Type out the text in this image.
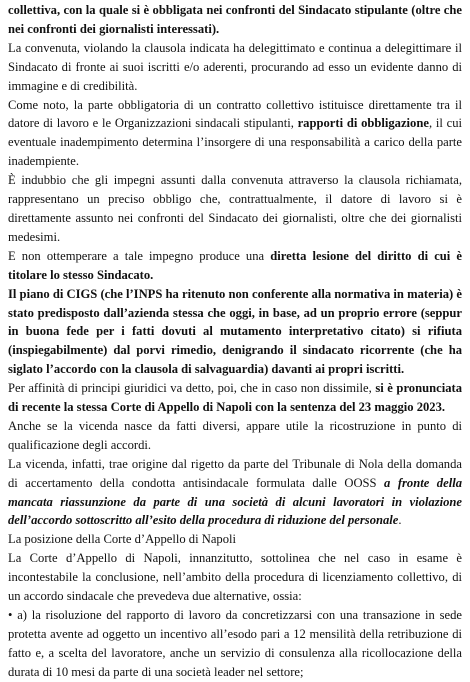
collettiva, con la quale si è obbligata nei confronti del Sindacato stipulante (oltre che nei confronti dei giornalisti interessati).

La convenuta, violando la clausola indicata ha delegittimato e continua a delegittimare il Sindacato di fronte ai suoi iscritti e/o aderenti, procurando ad esso un evidente danno di immagine e di credibilità.

Come noto, la parte obbligatoria di un contratto collettivo istituisce direttamente tra il datore di lavoro e le Organizzazioni sindacali stipulanti, rapporti di obbligazione, il cui eventuale inadempimento determina l’insorgere di una responsabilità a carico della parte inadempiente.

È indubbio che gli impegni assunti dalla convenuta attraverso la clausola richiamata, rappresentano un preciso obbligo che, contrattualmente, il datore di lavoro si è direttamente assunto nei confronti del Sindacato dei giornalisti, oltre che dei giornalisti medesimi.

E non ottemperare a tale impegno produce una diretta lesione del diritto di cui è titolare lo stesso Sindacato.

Il piano di CIGS (che l’INPS ha ritenuto non conferente alla normativa in materia) è stato predisposto dall’azienda stessa che oggi, in base, ad un proprio errore (seppur in buona fede per i fatti dovuti al mutamento interpretativo citato) si rifiuta (inspiegabilmente) dal porvi rimedio, denigrando il sindacato ricorrente (che ha siglato l’accordo con la clausola di salvaguardia) davanti ai propri iscritti.

Per affinità di principi giuridici va detto, poi, che in caso non dissimile, si è pronunciata di recente la stessa Corte di Appello di Napoli con la sentenza del 23 maggio 2023.

Anche se la vicenda nasce da fatti diversi, appare utile la ricostruzione in punto di qualificazione degli accordi.

La vicenda, infatti, trae origine dal rigetto da parte del Tribunale di Nola della domanda di accertamento della condotta antisindacale formulata dalle OOSS a fronte della mancata riassunzione da parte di una società di alcuni lavoratori in violazione dell’accordo sottoscritto all’esito della procedura di riduzione del personale.

La posizione della Corte d’Appello di Napoli

La Corte d’Appello di Napoli, innanzitutto, sottolinea che nel caso in esame è incontestabile la conclusione, nell’ambito della procedura di licenziamento collettivo, di un accordo sindacale che prevedeva due alternative, ossia:

• a) la risoluzione del rapporto di lavoro da concretizzarsi con una transazione in sede protetta avente ad oggetto un incentivo all’esodo pari a 12 mensilità della retribuzione di fatto e, a scelta del lavoratore, anche un servizio di consulenza alla ricollocazione della durata di 10 mesi da parte di una società leader nel settore;
